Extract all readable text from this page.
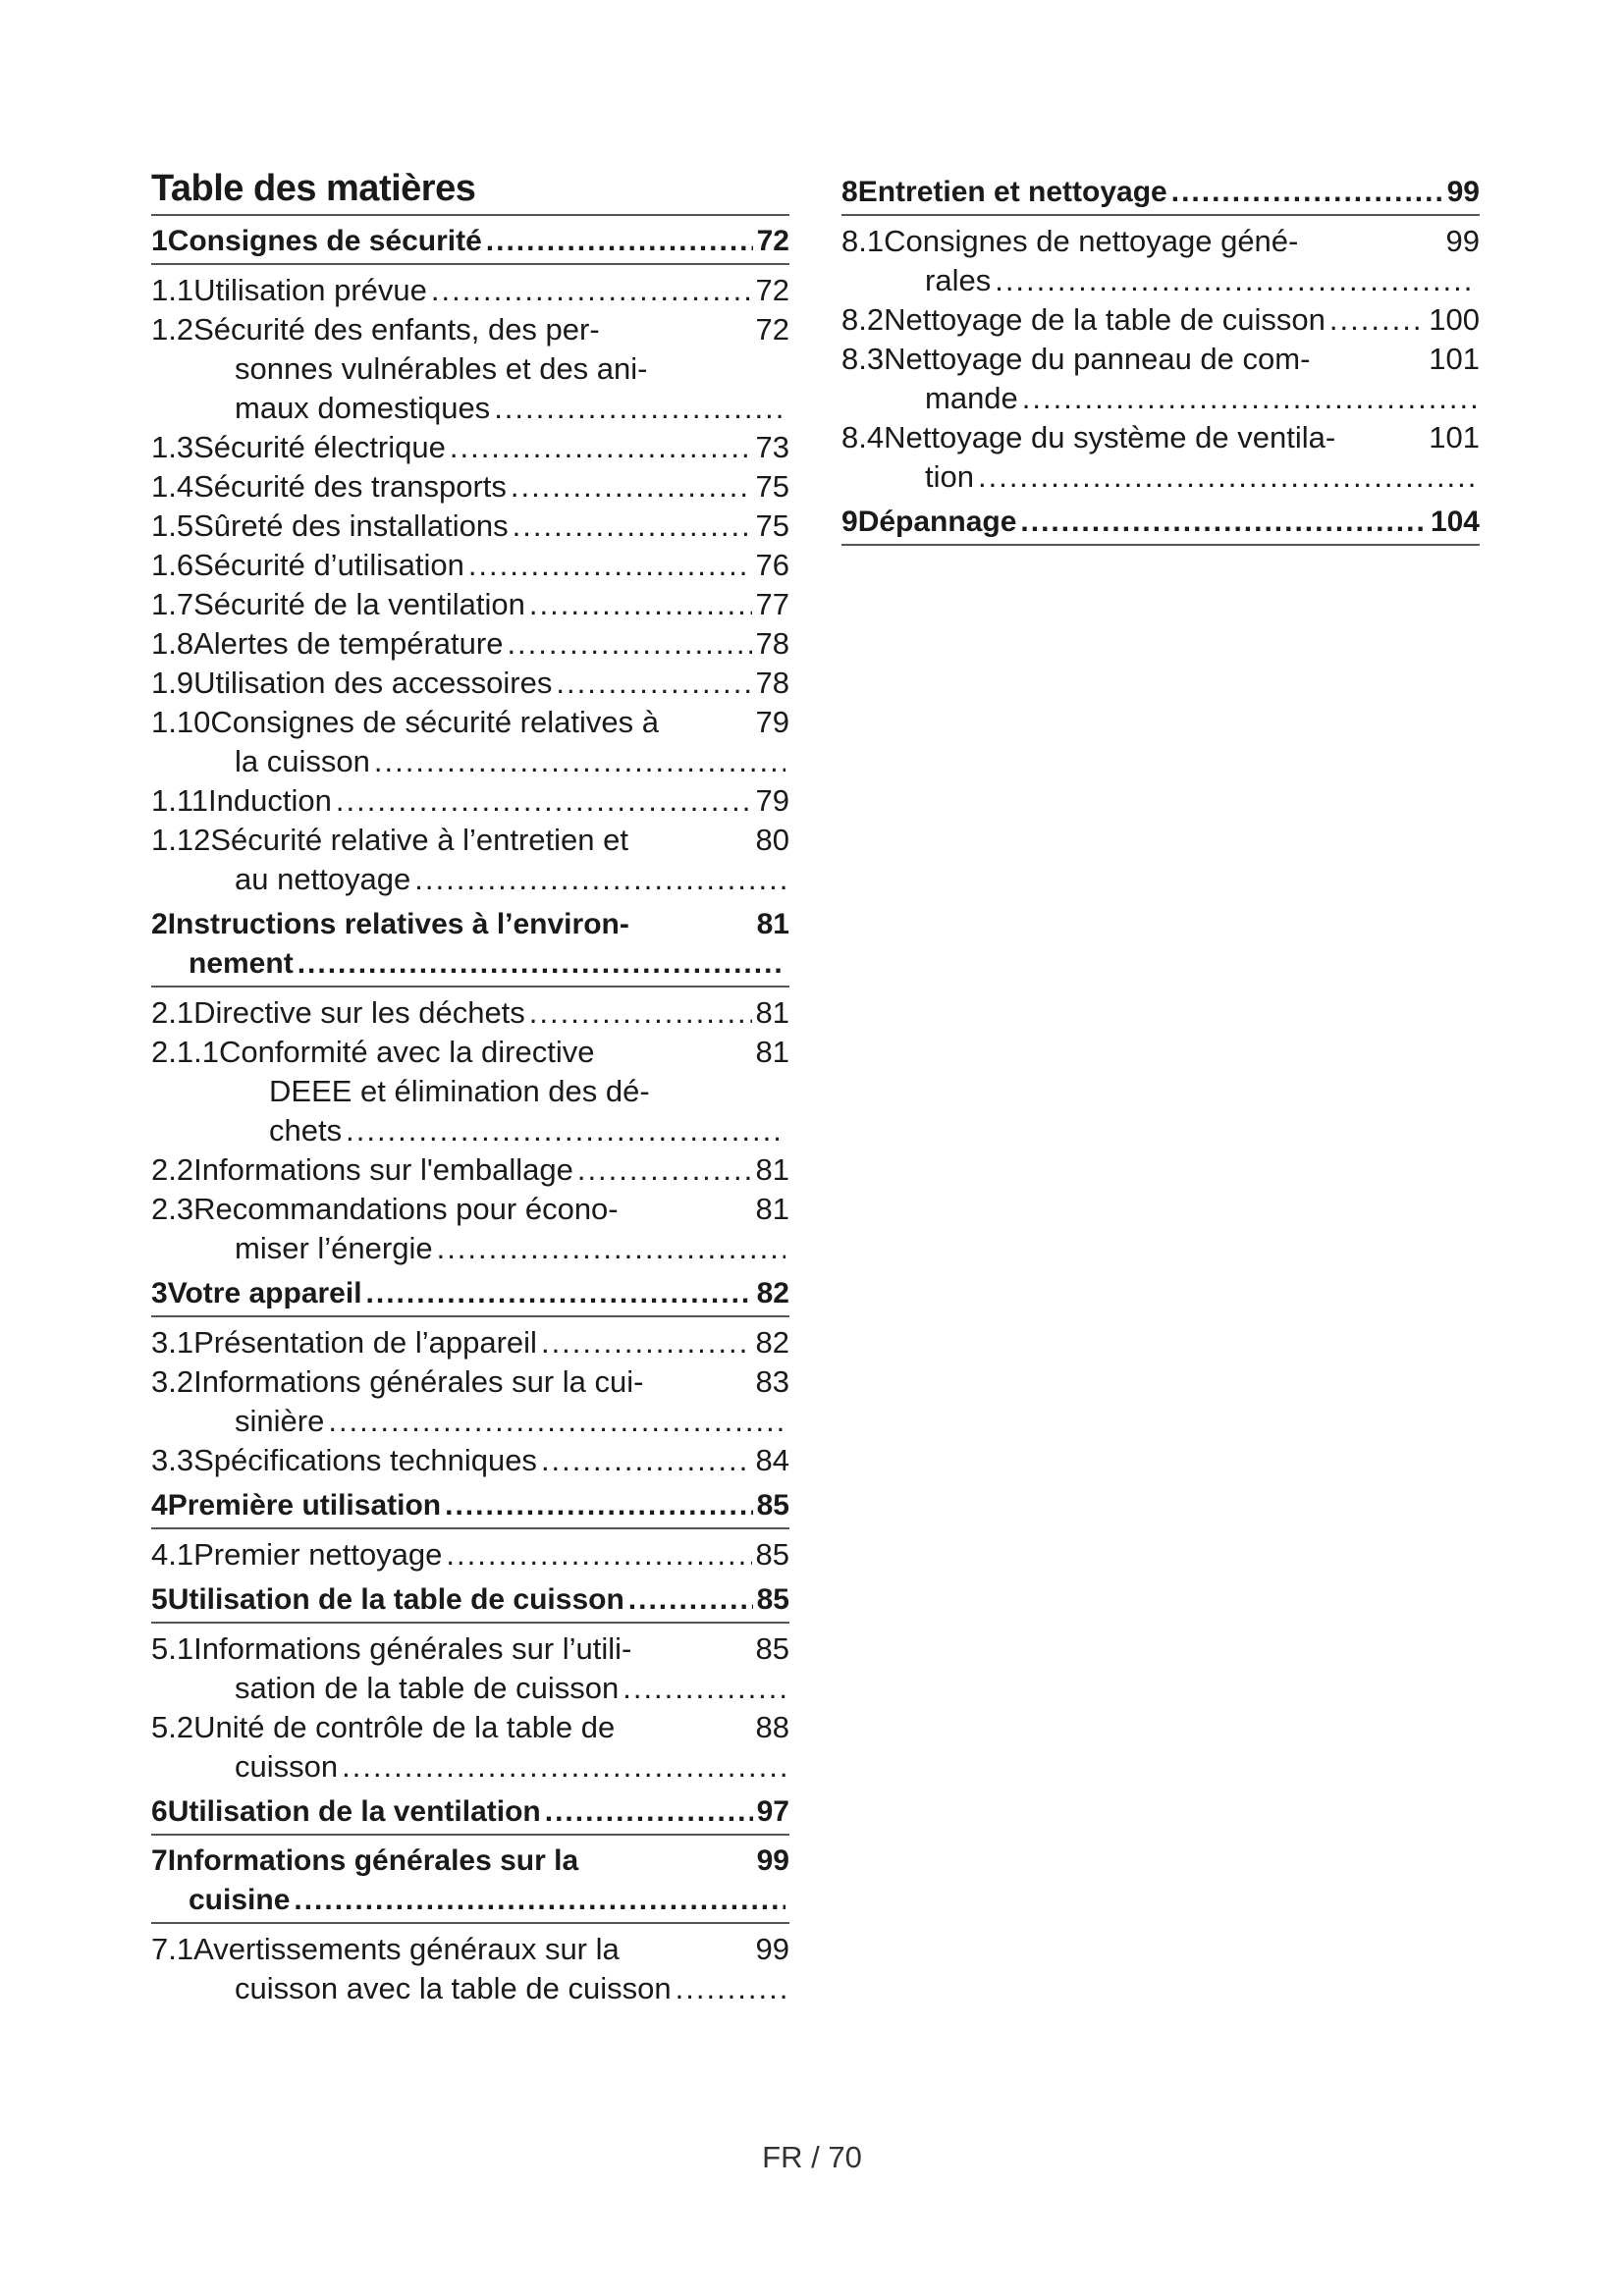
Table des matières
1 Consignes de sécurité .....	72
1.1 Utilisation prévue .....	72
1.2 Sécurité des enfants, des per-	72
sonnes vulnérables et des ani-
maux domestiques
.....
1.3 Sécurité électrique .....	73
1.4 Sécurité des transports .....	75
1.5 Sûreté des installations .....	75
1.6 Sécurité d’utilisation .....	76
1.7 Sécurité de la ventilation .....	77
1.8 Alertes de température .....	78
1.9 Utilisation des accessoires .....	78
1.10 Consignes de sécurité relatives à	79
la cuisson
.....
1.11 Induction .....	79
1.12 Sécurité relative à l’entretien et	80
au nettoyage
.....
2 Instructions relatives à l’environ-	81
nement
.....
2.1 Directive sur les déchets .....	81
2.1.1 Conformité avec la directive	81
DEEE et élimination des dé-
chets
.....
2.2 Informations sur l'emballage .....	81
2.3 Recommandations pour écono-	81
miser l’énergie
.....
3 Votre appareil .....	82
3.1 Présentation de l’appareil .....	82
3.2 Informations générales sur la cui-	83
sinière
.....
3.3 Spécifications techniques .....	84
4 Première utilisation .....	85
4.1 Premier nettoyage .....	85
5 Utilisation de la table de cuisson .....	85
5.1 Informations générales sur l’utili-	85
sation de la table de cuisson
.....
5.2 Unité de contrôle de la table de	88
cuisson
.....
6 Utilisation de la ventilation .....	97
7 Informations générales sur la	99
cuisine
.....
7.1 Avertissements généraux sur la	99
cuisson avec la table de cuisson
.....
8 Entretien et nettoyage .....	99
8.1 Consignes de nettoyage géné-	99
rales
.....
8.2 Nettoyage de la table de cuisson .....	100
8.3 Nettoyage du panneau de com-	101
mande
.....
8.4 Nettoyage du système de ventila-	101
tion
.....
9 Dépannage .....	104
FR / 70
